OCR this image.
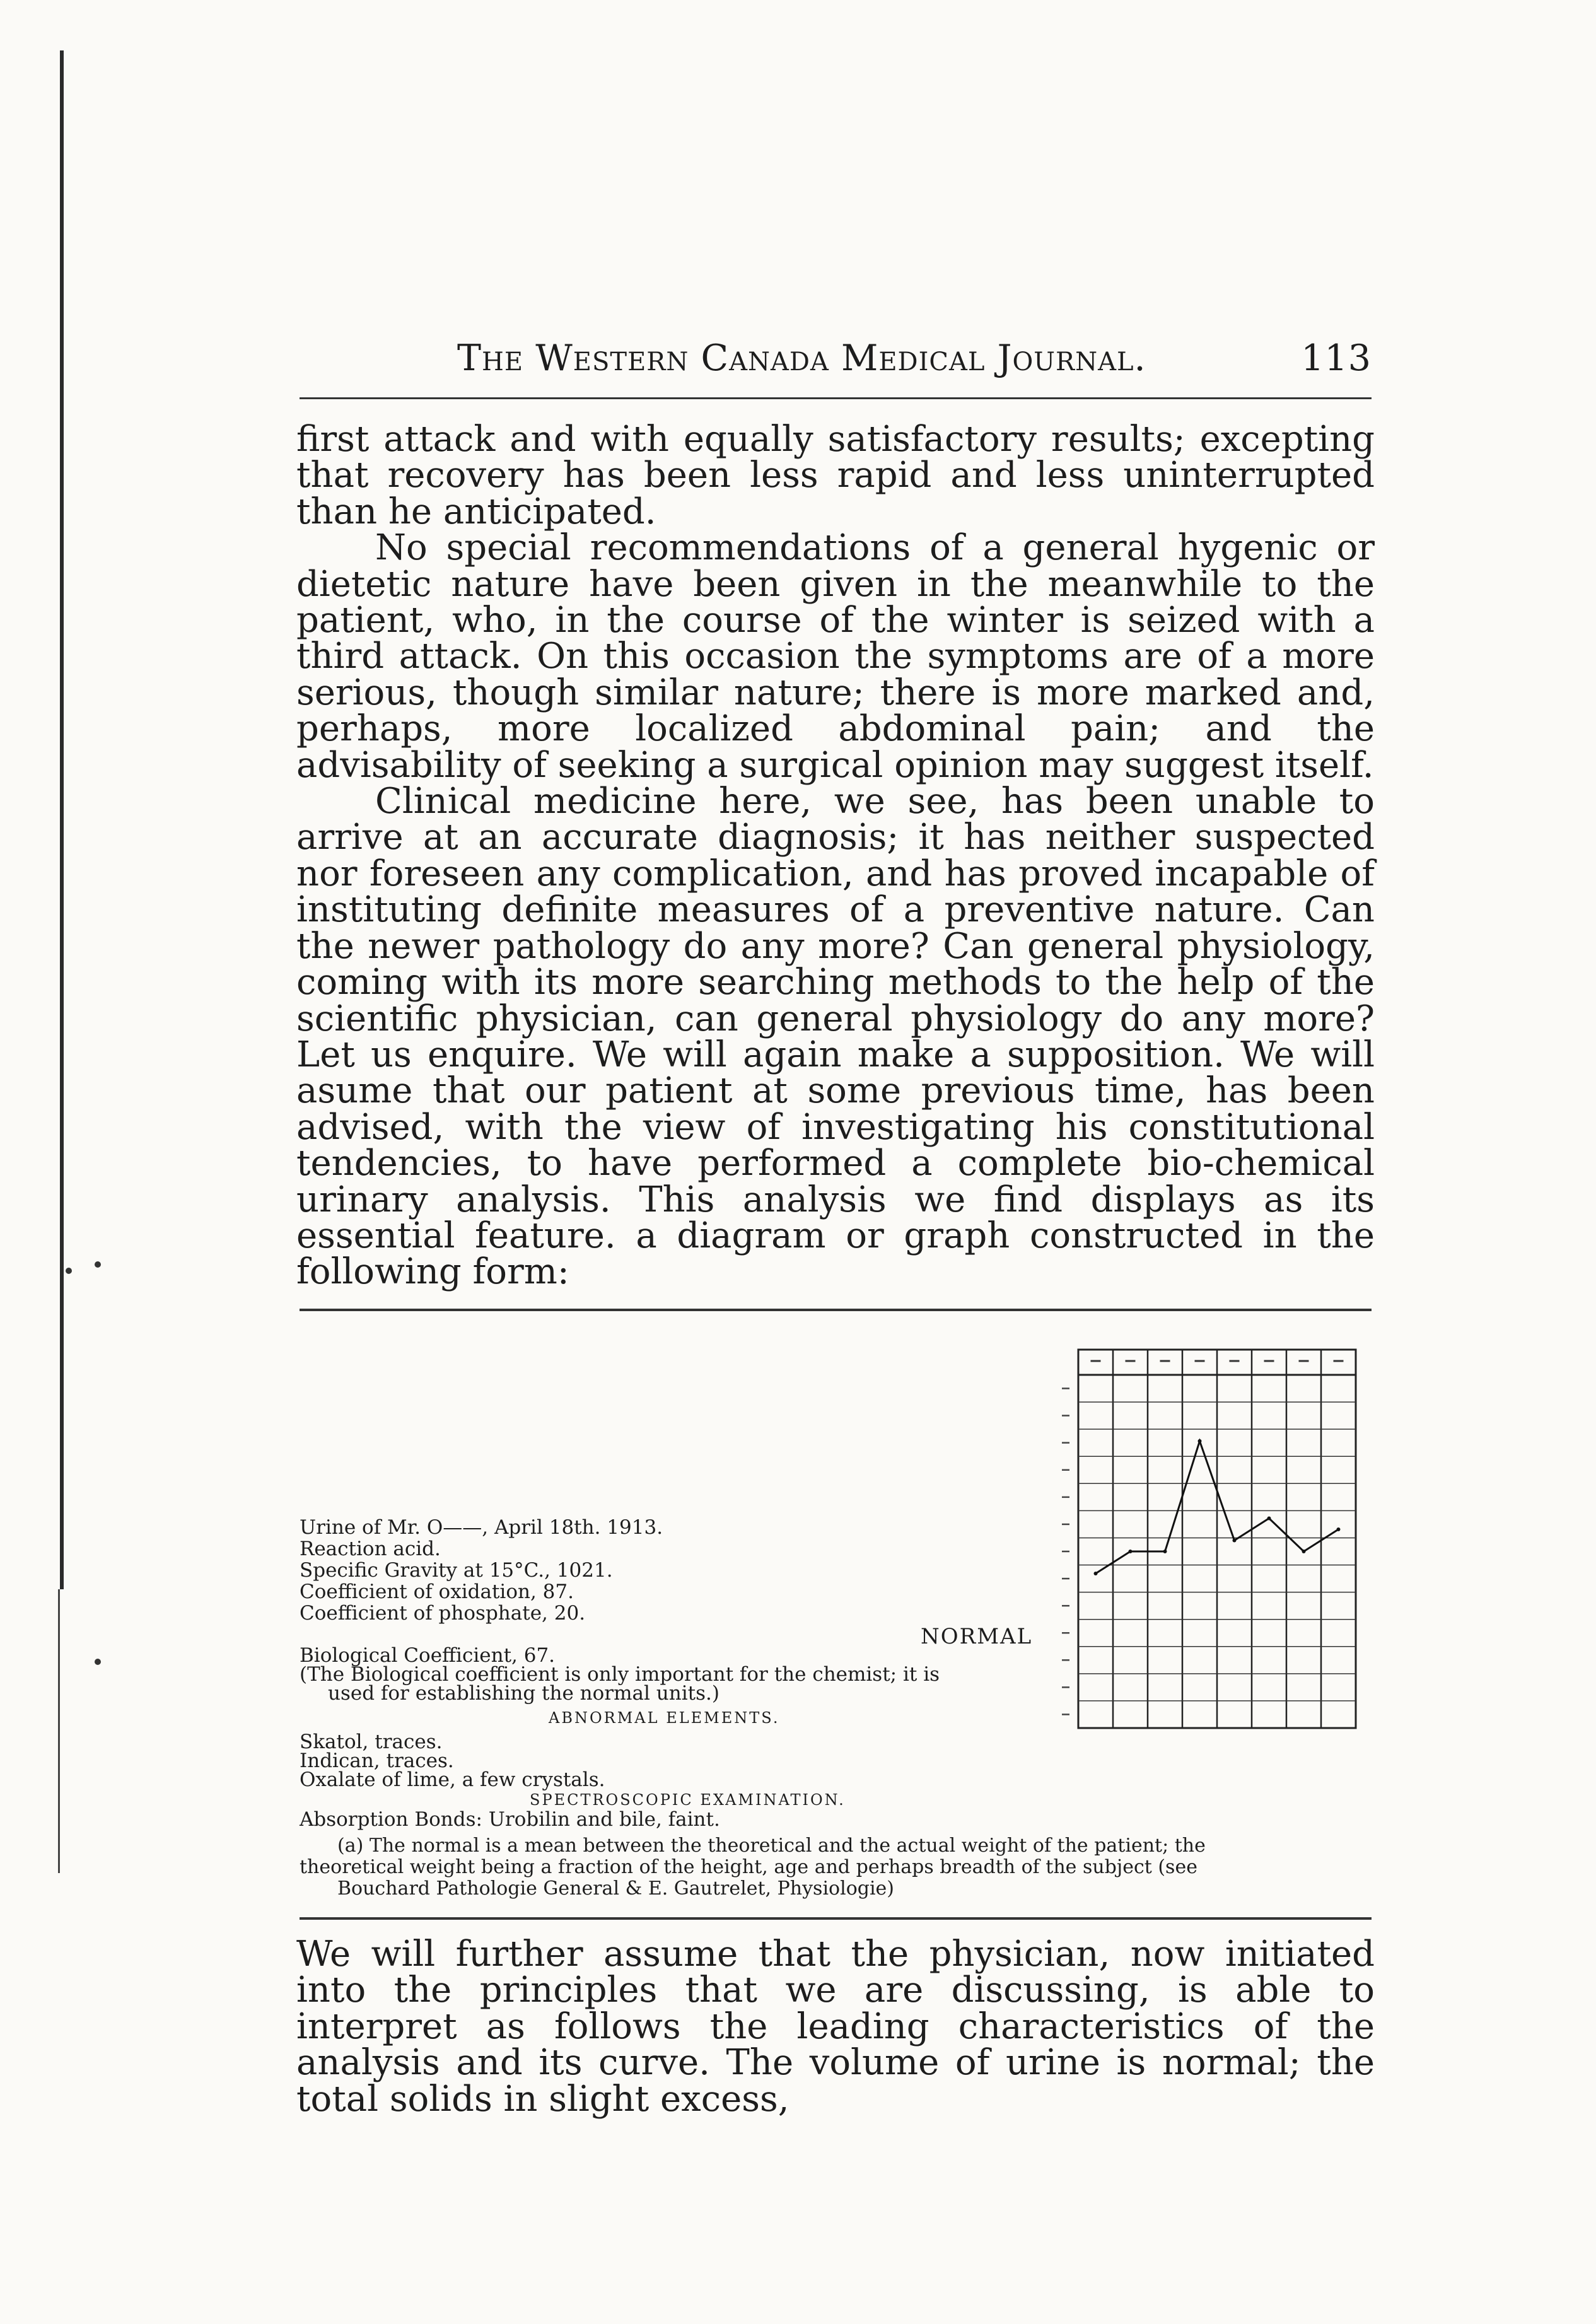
The Western Canada Medical Journal.	113

first attack and with equally satisfactory results; excepting that recovery has been less rapid and less uninterrupted than he anticipated.

No special recommendations of a general hygenic or dietetic nature have been given in the meanwhile to the patient, who, in the course of the winter is seized with a third attack. On this occasion the symptoms are of a more serious, though similar nature; there is more marked and, perhaps, more localized abdominal pain; and the advisability of seeking a surgical opinion may suggest itself.

Clinical medicine here, we see, has been unable to arrive at an accurate diagnosis; it has neither suspected nor foreseen any complication, and has proved incapable of instituting definite measures of a preventive nature. Can the newer pathology do any more? Can general physiology, coming with its more searching methods to the help of the scientific physician, can general physiology do any more? Let us enquire. We will again make a supposition. We will asume that our patient at some previous time, has been advised, with the view of investigating his constitutional tendencies, to have performed a complete bio-chemical urinary analysis. This analysis we find displays as its essential feature. a diagram or graph constructed in the following form:

Urine of Mr. O——, April 18th. 1913.
Reaction acid.
Specific Gravity at 15°C., 1021.
Coefficient of oxidation, 87.
Coefficient of phosphate, 20.
NORMAL
Biological Coefficient, 67.
(The Biological coefficient is only important for the chemist; it is
used for establishing the normal units.)
ABNORMAL ELEMENTS.
Skatol, traces.
Indican, traces.
Oxalate of lime, a few crystals.
SPECTROSCOPIC EXAMINATION.
Absorption Bonds: Urobilin and bile, faint.

(a) The normal is a mean between the theoretical and the actual weight of the patient; the

theoretical weight being a fraction of the height, age and perhaps breadth of the subject (see

Bouchard Pathologie General & E. Gautrelet, Physiologie)

We will further assume that the physician, now initiated into the principles that we are discussing, is able to interpret as follows the leading characteristics of the analysis and its curve. The volume of urine is normal; the total solids in slight excess,
